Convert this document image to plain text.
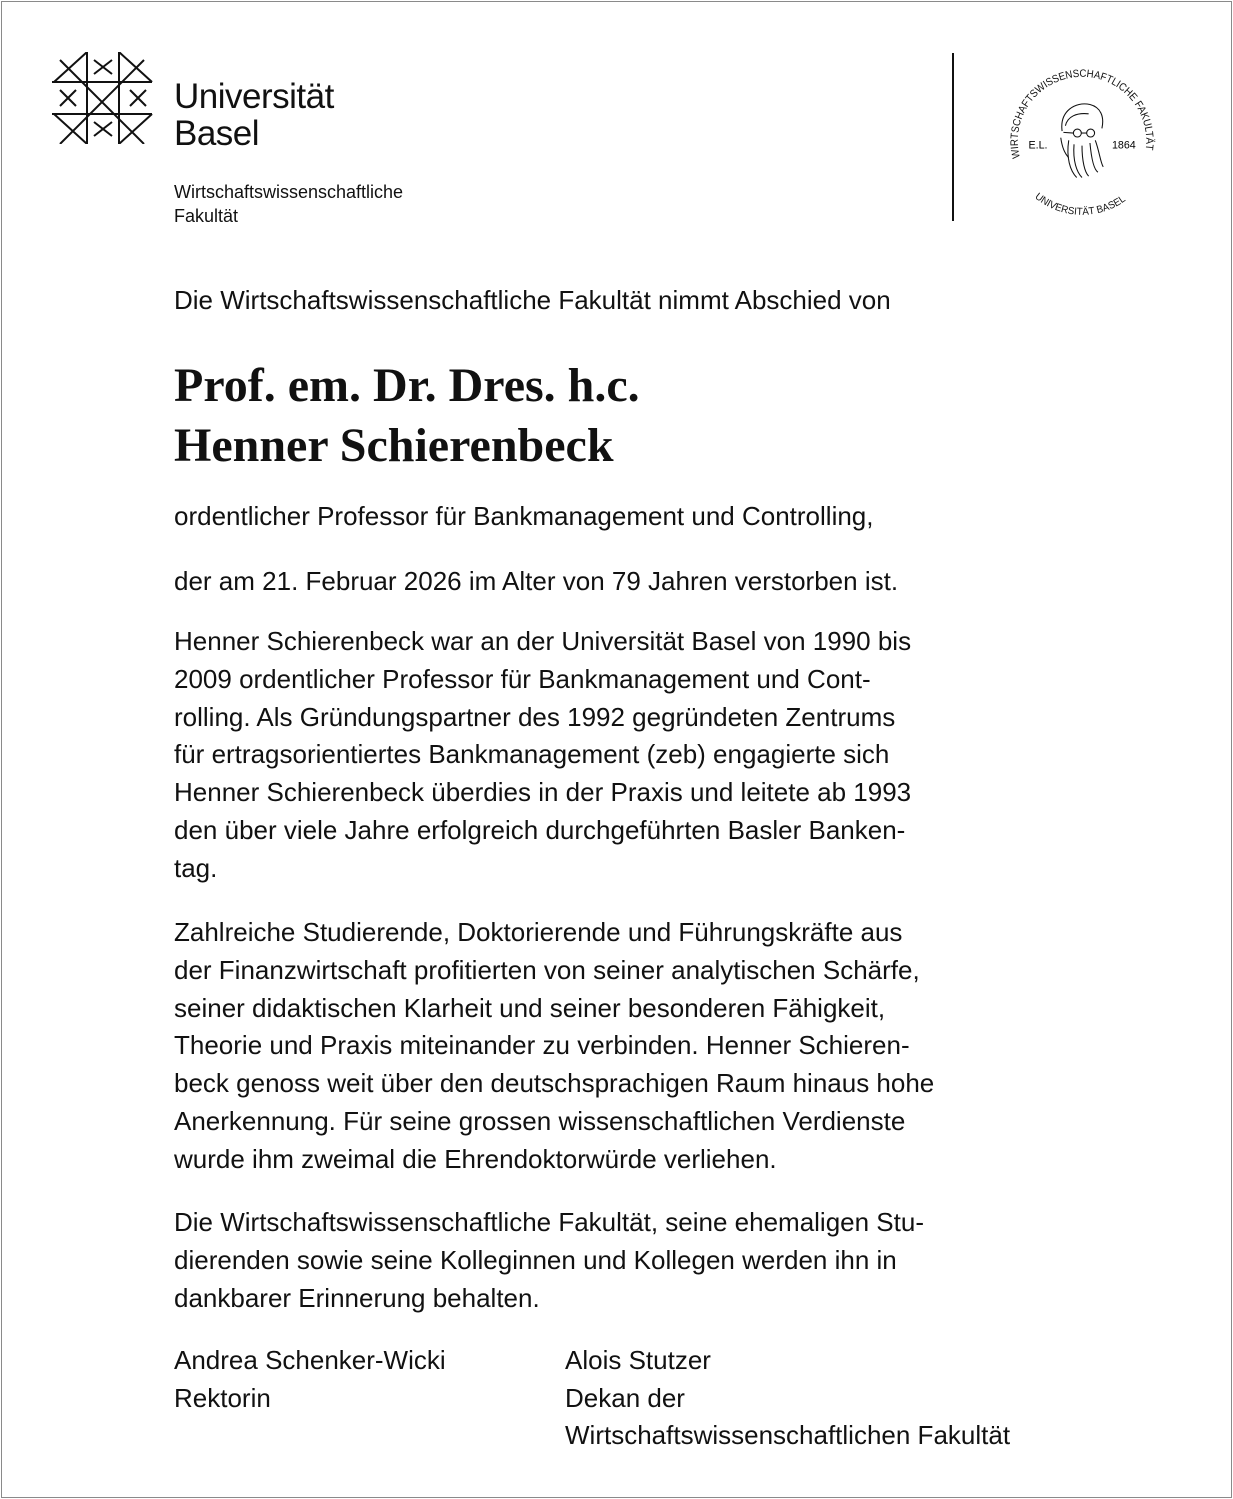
Universität
Basel
Wirtschaftswissenschaftliche
Fakultät
WIRTSCHAFTSWISSENSCHAFTLICHE FAKULTÄT
UNIVERSITÄT BASEL
E.L.	1864
Die Wirtschaftswissenschaftliche Fakultät nimmt Abschied von
Prof. em. Dr. Dres. h.c.
Henner Schierenbeck
ordentlicher Professor für Bankmanagement und Controlling,
der am 21. Februar 2026 im Alter von 79 Jahren verstorben ist.
Henner Schierenbeck war an der Universität Basel von 1990 bis
2009 ordentlicher Professor für Bankmanagement und Cont-
rolling. Als Gründungspartner des 1992 gegründeten Zentrums
für ertragsorientiertes Bankmanagement (zeb) engagierte sich
Henner Schierenbeck überdies in der Praxis und leitete ab 1993
den über viele Jahre erfolgreich durchgeführten Basler Banken-
tag.
Zahlreiche Studierende, Doktorierende und Führungskräfte aus
der Finanzwirtschaft profitierten von seiner analytischen Schärfe,
seiner didaktischen Klarheit und seiner besonderen Fähigkeit,
Theorie und Praxis miteinander zu verbinden. Henner Schieren-
beck genoss weit über den deutschsprachigen Raum hinaus hohe
Anerkennung. Für seine grossen wissenschaftlichen Verdienste
wurde ihm zweimal die Ehrendoktorwürde verliehen.
Die Wirtschaftswissenschaftliche Fakultät, seine ehemaligen Stu-
dierenden sowie seine Kolleginnen und Kollegen werden ihn in
dankbarer Erinnerung behalten.
Andrea Schenker-Wicki
Rektorin
Alois Stutzer
Dekan der
Wirtschaftswissenschaftlichen Fakultät
